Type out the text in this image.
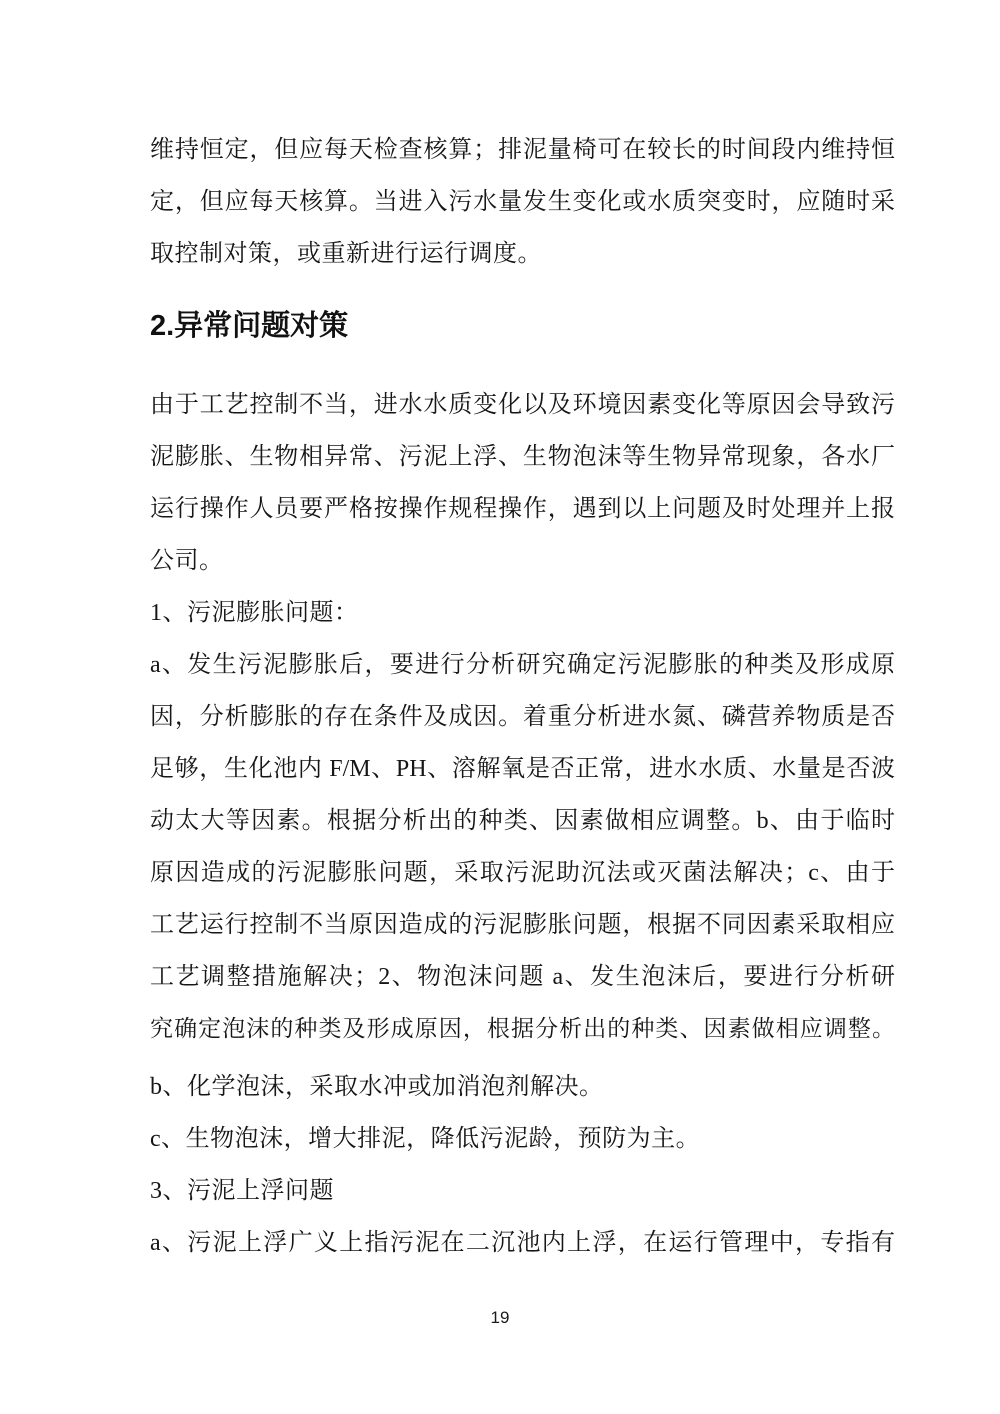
维持恒定，但应每天检查核算；排泥量椅可在较长的时间段内维持恒

定，但应每天核算。当进入污水量发生变化或水质突变时，应随时采

取控制对策，或重新进行运行调度。

2.异常问题对策

由于工艺控制不当，进水水质变化以及环境因素变化等原因会导致污

泥膨胀、生物相异常、污泥上浮、生物泡沫等生物异常现象，各水厂

运行操作人员要严格按操作规程操作，遇到以上问题及时处理并上报

公司。

1、污泥膨胀问题：

a、发生污泥膨胀后，要进行分析研究确定污泥膨胀的种类及形成原

因，分析膨胀的存在条件及成因。着重分析进水氮、磷营养物质是否

足够，生化池内 F/M、PH、溶解氧是否正常，进水水质、水量是否波

动太大等因素。根据分析出的种类、因素做相应调整。b、由于临时

原因造成的污泥膨胀问题，采取污泥助沉法或灭菌法解决；c、由于

工艺运行控制不当原因造成的污泥膨胀问题，根据不同因素采取相应

工艺调整措施解决；2、物泡沫问题 a、发生泡沫后，要进行分析研

究确定泡沫的种类及形成原因，根据分析出的种类、因素做相应调整。

b、化学泡沫，采取水冲或加消泡剂解决。

c、生物泡沫，增大排泥，降低污泥龄，预防为主。

3、污泥上浮问题

a、污泥上浮广义上指污泥在二沉池内上浮，在运行管理中，专指有

19
